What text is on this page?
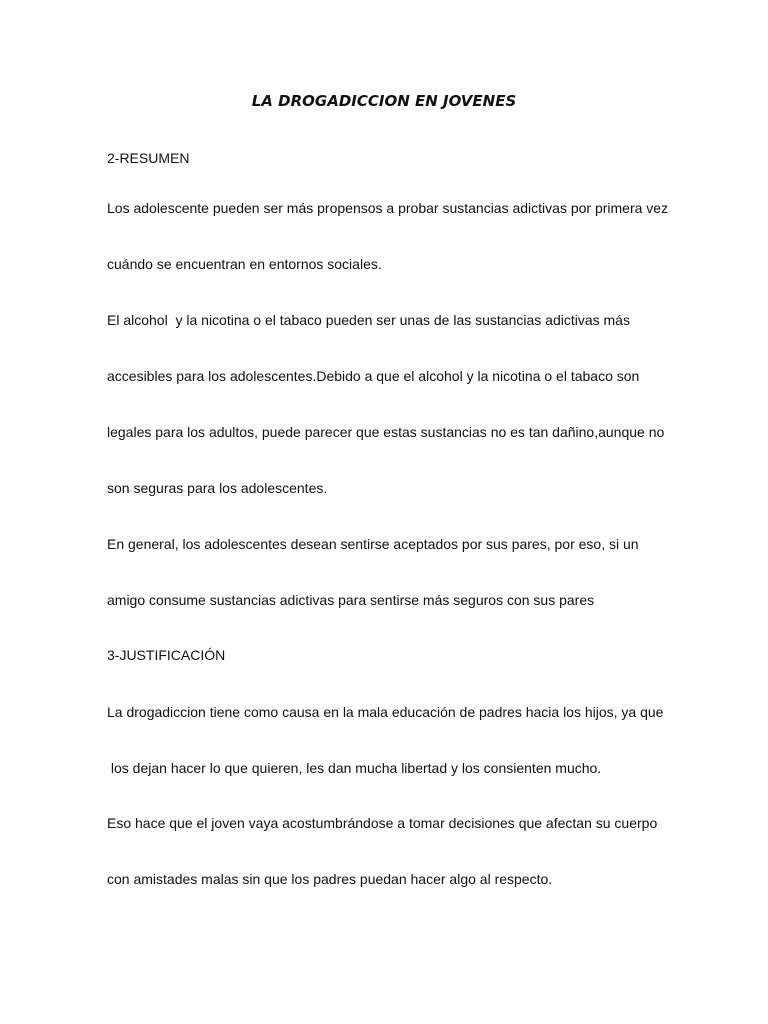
LA DROGADICCION EN JOVENES
2-RESUMEN
Los adolescente pueden ser más propensos a probar sustancias adictivas por primera vez
cuándo se encuentran en entornos sociales.
El alcohol  y la nicotina o el tabaco pueden ser unas de las sustancias adictivas más
accesibles para los adolescentes.Debido a que el alcohol y la nicotina o el tabaco son
legales para los adultos, puede parecer que estas sustancias no es tan dañino,aunque no
son seguras para los adolescentes.
En general, los adolescentes desean sentirse aceptados por sus pares, por eso, si un
amigo consume sustancias adictivas para sentirse más seguros con sus pares
3-JUSTIFICACIÓN
La drogadiccion tiene como causa en la mala educación de padres hacia los hijos, ya que
los dejan hacer lo que quieren, les dan mucha libertad y los consienten mucho.
Eso hace que el joven vaya acostumbrándose a tomar decisiones que afectan su cuerpo
con amistades malas sin que los padres puedan hacer algo al respecto.
